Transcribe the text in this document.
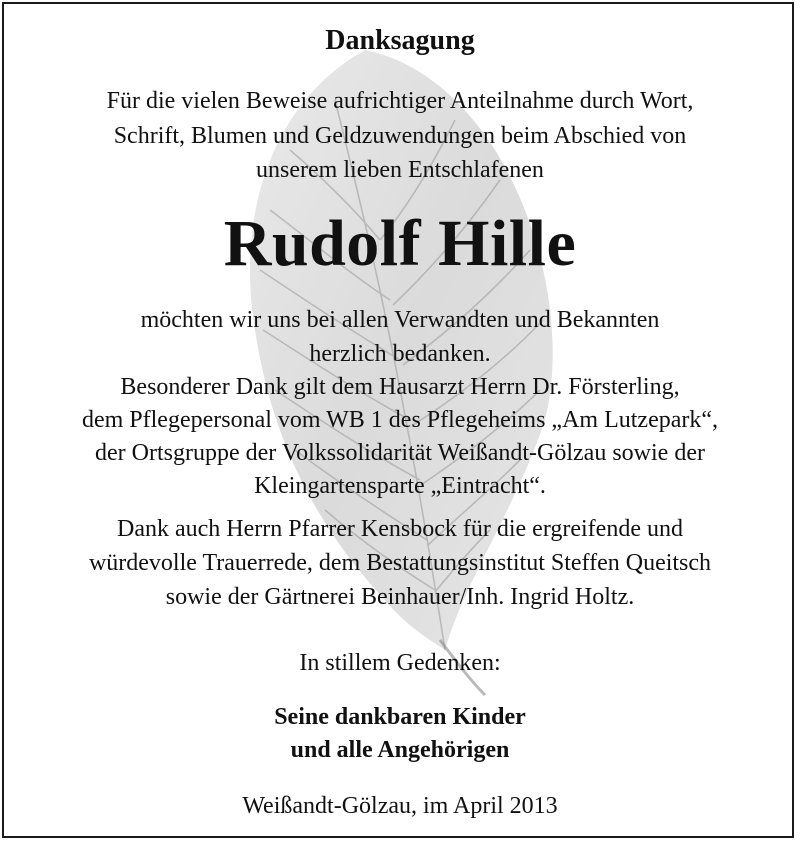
Danksagung
Für die vielen Beweise aufrichtiger Anteilnahme durch Wort,
Schrift, Blumen und Geldzuwendungen beim Abschied von
unserem lieben Entschlafenen
Rudolf Hille
möchten wir uns bei allen Verwandten und Bekannten
herzlich bedanken.
Besonderer Dank gilt dem Hausarzt Herrn Dr. Försterling,
dem Pflegepersonal vom WB 1 des Pflegeheims „Am Lutzepark“,
der Ortsgruppe der Volkssolidarität Weißandt-Gölzau sowie der
Kleingartensparte „Eintracht“.
Dank auch Herrn Pfarrer Kensbock für die ergreifende und
würdevolle Trauerrede, dem Bestattungsinstitut Steffen Queitsch
sowie der Gärtnerei Beinhauer/Inh. Ingrid Holtz.
In stillem Gedenken:
Seine dankbaren Kinder
und alle Angehörigen
Weißandt-Gölzau, im April 2013
